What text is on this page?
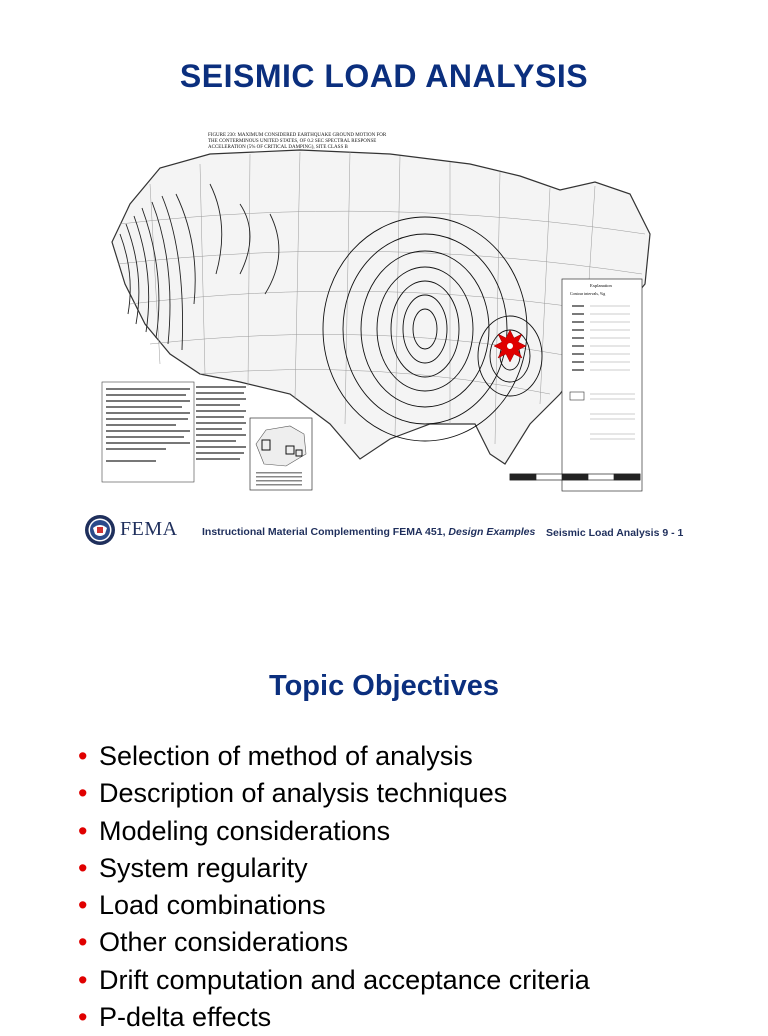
SEISMIC LOAD ANALYSIS
FIGURE 230: MAXIMUM CONSIDERED EARTHQUAKE GROUND MOTION FOR
THE CONTERMINOUS UNITED STATES, OF 0.2 SEC SPECTRAL RESPONSE
ACCELERATION (5% OF CRITICAL DAMPING), SITE CLASS B
Explanation
Contour intervals, %g
FEMA Instructional Material Complementing FEMA 451, Design Examples Seismic Load Analysis 9 - 1
Topic Objectives
• Selection of method of analysis
• Description of analysis techniques
• Modeling considerations
• System regularity
• Load combinations
• Other considerations
• Drift computation and acceptance criteria
• P-delta effects
